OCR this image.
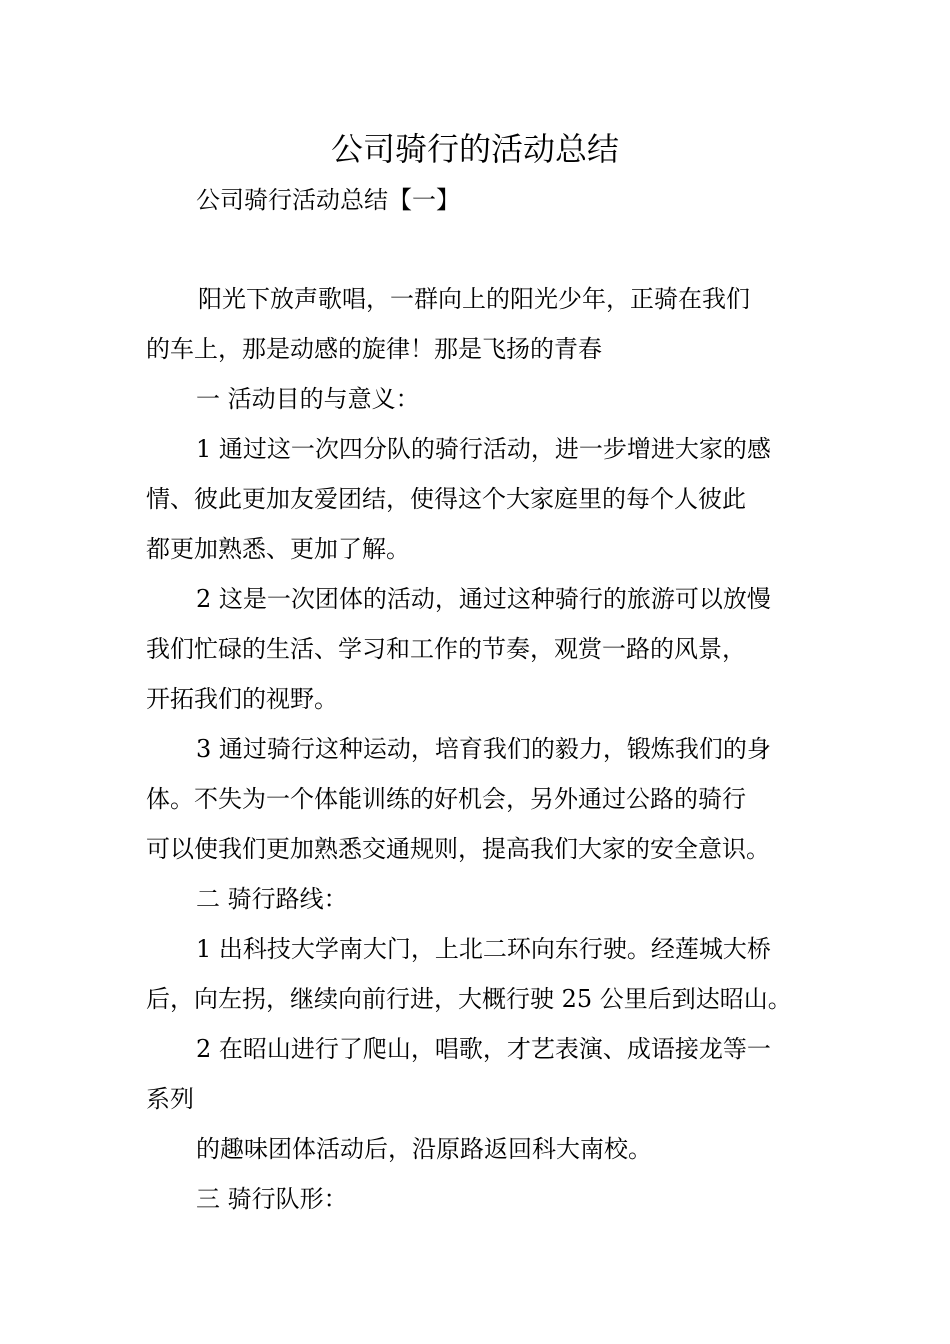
公司骑行的活动总结

公司骑行活动总结【一】

阳光下放声歌唱，一群向上的阳光少年，正骑在我们

的车上，那是动感的旋律！那是飞扬的青春

一 活动目的与意义：

1 通过这一次四分队的骑行活动，进一步增进大家的感

情、彼此更加友爱团结，使得这个大家庭里的每个人彼此

都更加熟悉、更加了解。

2 这是一次团体的活动，通过这种骑行的旅游可以放慢

我们忙碌的生活、学习和工作的节奏，观赏一路的风景，

开拓我们的视野。

3 通过骑行这种运动，培育我们的毅力，锻炼我们的身

体。不失为一个体能训练的好机会，另外通过公路的骑行

可以使我们更加熟悉交通规则，提高我们大家的安全意识。

二 骑行路线：

1 出科技大学南大门，上北二环向东行驶。经莲城大桥

后，向左拐，继续向前行进，大概行驶 25 公里后到达昭山。

2 在昭山进行了爬山，唱歌，才艺表演、成语接龙等一

系列

的趣味团体活动后，沿原路返回科大南校。

三 骑行队形：
